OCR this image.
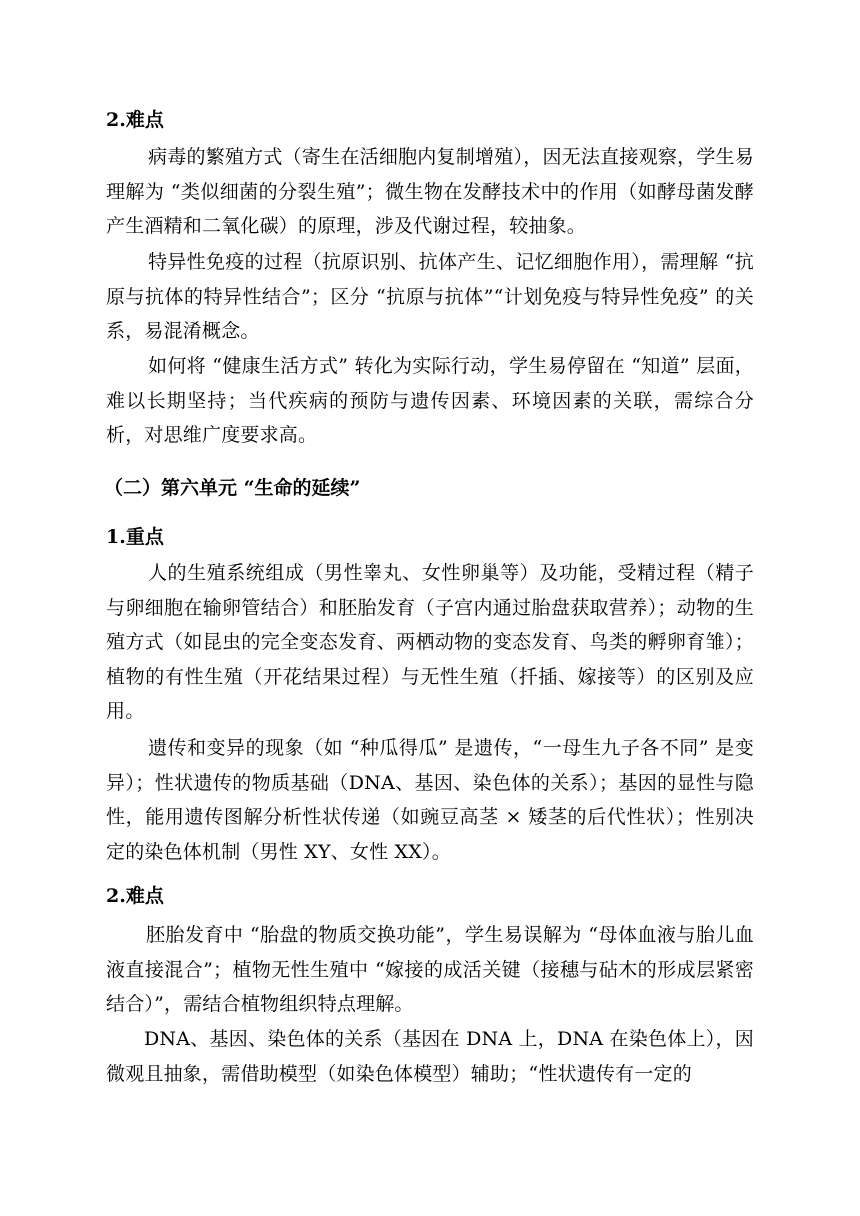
2.难点
病毒的繁殖方式（寄生在活细胞内复制增殖），因无法直接观察，学生易理解为 “类似细菌的分裂生殖”；微生物在发酵技术中的作用（如酵母菌发酵产生酒精和二氧化碳）的原理，涉及代谢过程，较抽象。
特异性免疫的过程（抗原识别、抗体产生、记忆细胞作用），需理解 “抗原与抗体的特异性结合”；区分 “抗原与抗体”“计划免疫与特异性免疫” 的关系，易混淆概念。
如何将 “健康生活方式” 转化为实际行动，学生易停留在 “知道” 层面，难以长期坚持；当代疾病的预防与遗传因素、环境因素的关联，需综合分析，对思维广度要求高。
（二）第六单元 “生命的延续”
1.重点
人的生殖系统组成（男性睾丸、女性卵巢等）及功能，受精过程（精子与卵细胞在输卵管结合）和胚胎发育（子宫内通过胎盘获取营养）；动物的生殖方式（如昆虫的完全变态发育、两栖动物的变态发育、鸟类的孵卵育雏）；植物的有性生殖（开花结果过程）与无性生殖（扦插、嫁接等）的区别及应用。
遗传和变异的现象（如 “种瓜得瓜” 是遗传，“一母生九子各不同” 是变异）；性状遗传的物质基础（DNA、基因、染色体的关系）；基因的显性与隐性，能用遗传图解分析性状传递（如豌豆高茎 × 矮茎的后代性状）；性别决定的染色体机制（男性 XY、女性 XX）。
2.难点
胚胎发育中 “胎盘的物质交换功能”，学生易误解为 “母体血液与胎儿血液直接混合”；植物无性生殖中 “嫁接的成活关键（接穗与砧木的形成层紧密结合）”，需结合植物组织特点理解。
DNA、基因、染色体的关系（基因在 DNA 上，DNA 在染色体上），因微观且抽象，需借助模型（如染色体模型）辅助；“性状遗传有一定的
